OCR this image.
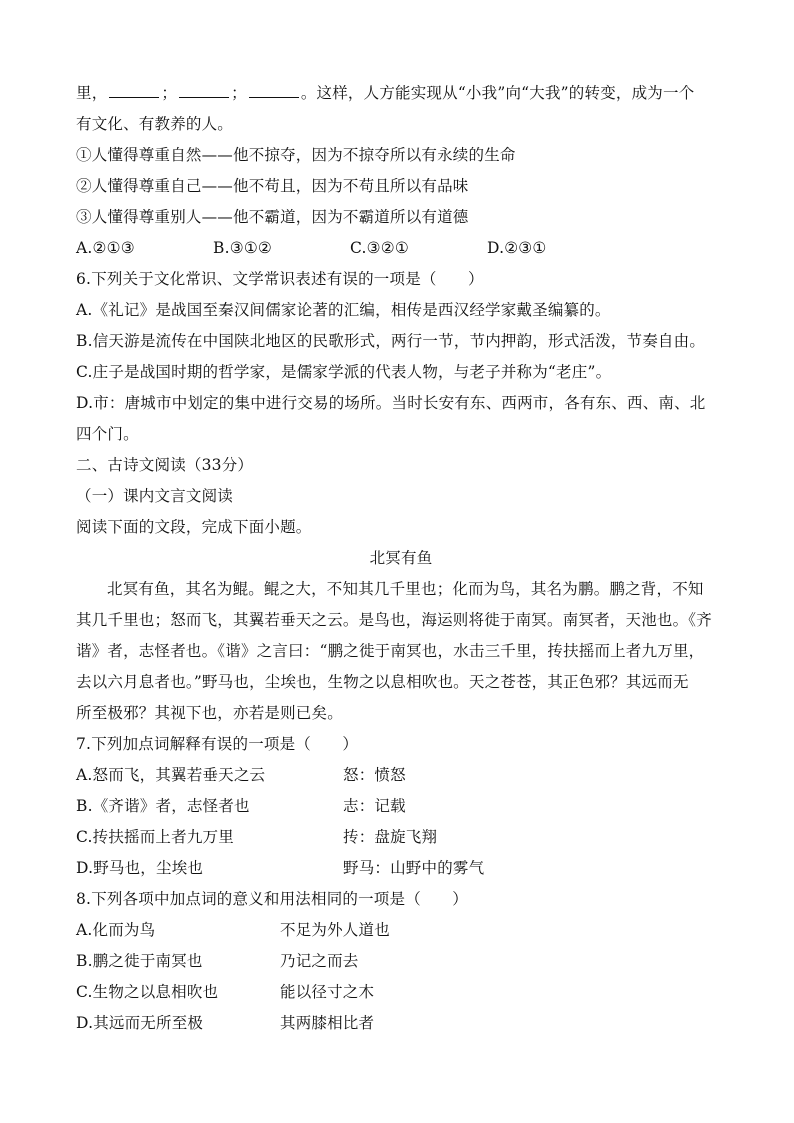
里，	；	；	。这样，人方能实现从“小我”向“大我”的转变，成为一个
有文化、有教养的人。
①人懂得尊重自然——他不掠夺，因为不掠夺所以有永续的生命
②人懂得尊重自己——他不苟且，因为不苟且所以有品味
③人懂得尊重别人——他不霸道，因为不霸道所以有道德
A.②①③	B.③①②	C.③②①	D.②③①
6.下列关于文化常识、文学常识表述有误的一项是（　　）
A.《礼记》是战国至秦汉间儒家论著的汇编，相传是西汉经学家戴圣编纂的。
B.信天游是流传在中国陕北地区的民歌形式，两行一节，节内押韵，形式活泼，节奏自由。
C.庄子是战国时期的哲学家，是儒家学派的代表人物，与老子并称为“老庄”。
D.市：唐城市中划定的集中进行交易的场所。当时长安有东、西两市，各有东、西、南、北
四个门。
二、古诗文阅读（33分）
（一）课内文言文阅读
阅读下面的文段，完成下面小题。
北冥有鱼
北冥有鱼，其名为鲲。鲲之大，不知其几千里也；化而为鸟，其名为鹏。鹏之背，不知
其几千里也；怒而飞，其翼若垂天之云。是鸟也，海运则将徙于南冥。南冥者，天池也。《齐
谐》者，志怪者也。《谐》之言曰：“鹏之徙于南冥也，水击三千里，抟扶摇而上者九万里，
去以六月息者也。”野马也，尘埃也，生物之以息相吹也。天之苍苍，其正色邪？其远而无
所至极邪？其视下也，亦若是则已矣。
7.下列加点词解释有误的一项是（　　）
A.怒而飞，其翼若垂天之云	怒：愤怒
B.《齐谐》者，志怪者也	志：记载
C.抟扶摇而上者九万里	抟：盘旋飞翔
D.野马也，尘埃也	野马：山野中的雾气
8.下列各项中加点词的意义和用法相同的一项是（　　）
A.化而为鸟	不足为外人道也
B.鹏之徙于南冥也	乃记之而去
C.生物之以息相吹也	能以径寸之木
D.其远而无所至极	其两膝相比者
